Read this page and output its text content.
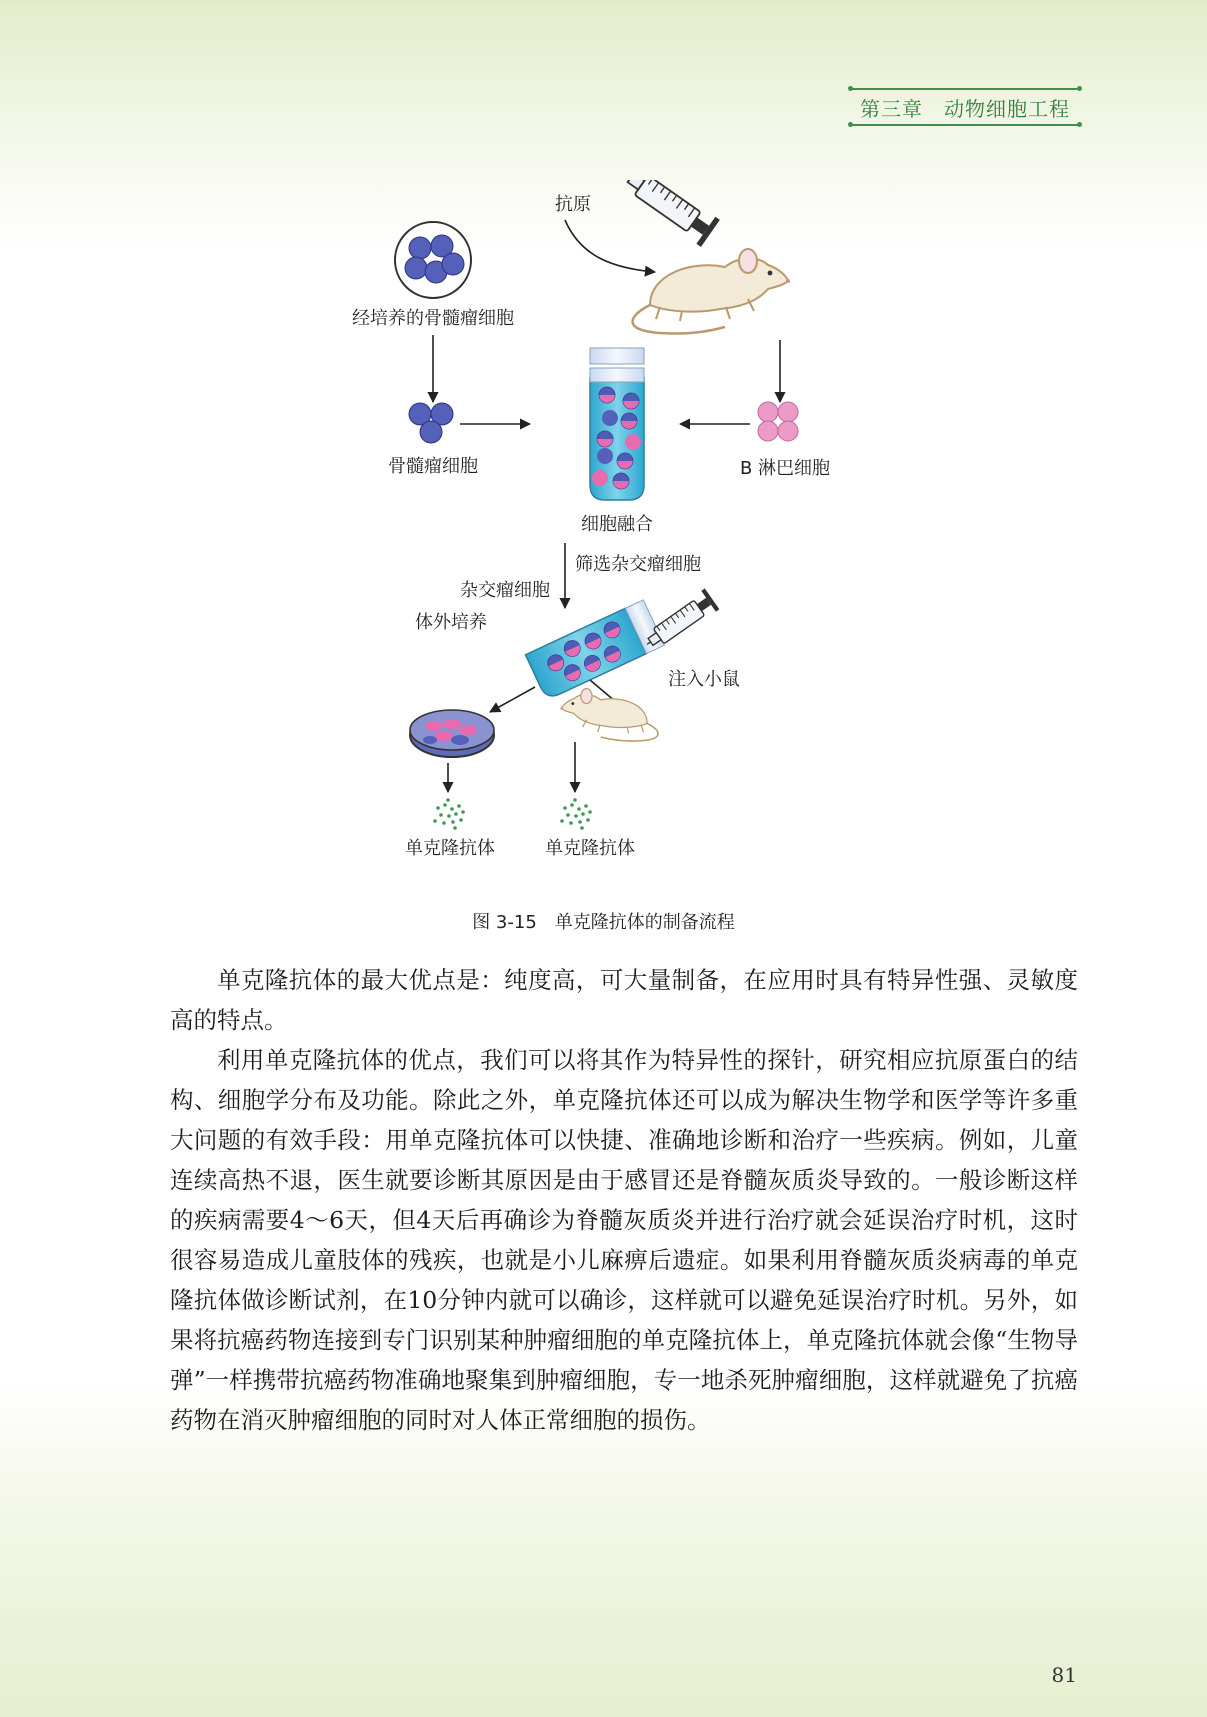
第三章　动物细胞工程
抗原
经培养的骨髓瘤细胞
骨髓瘤细胞	B 淋巴细胞
细胞融合
筛选杂交瘤细胞
杂交瘤细胞
体外培养
注入小鼠
单克隆抗体	单克隆抗体
图 3-15　单克隆抗体的制备流程

单克隆抗体的最大优点是：纯度高，可大量制备，在应用时具有特异性强、灵敏度高的特点。

利用单克隆抗体的优点，我们可以将其作为特异性的探针，研究相应抗原蛋白的结构、细胞学分布及功能。除此之外，单克隆抗体还可以成为解决生物学和医学等许多重大问题的有效手段：用单克隆抗体可以快捷、准确地诊断和治疗一些疾病。例如，儿童连续高热不退，医生就要诊断其原因是由于感冒还是脊髓灰质炎导致的。一般诊断这样的疾病需要4～6天，但4天后再确诊为脊髓灰质炎并进行治疗就会延误治疗时机，这时很容易造成儿童肢体的残疾，也就是小儿麻痹后遗症。如果利用脊髓灰质炎病毒的单克隆抗体做诊断试剂，在10分钟内就可以确诊，这样就可以避免延误治疗时机。另外，如果将抗癌药物连接到专门识别某种肿瘤细胞的单克隆抗体上，单克隆抗体就会像“生物导弹”一样携带抗癌药物准确地聚集到肿瘤细胞，专一地杀死肿瘤细胞，这样就避免了抗癌药物在消灭肿瘤细胞的同时对人体正常细胞的损伤。

81
